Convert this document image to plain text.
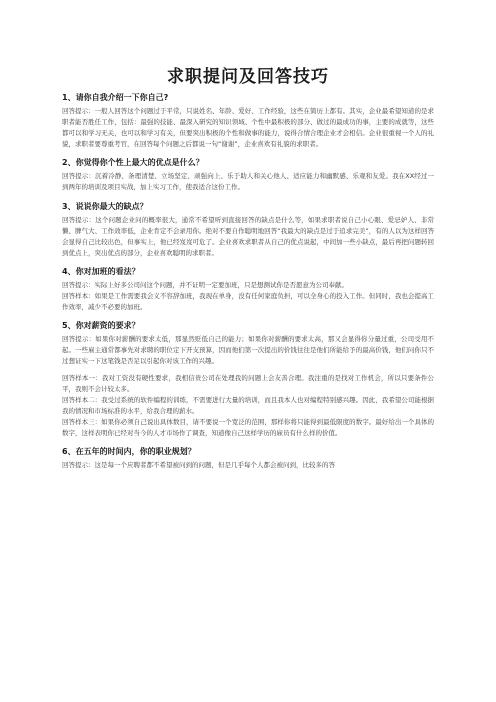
求职提问及回答技巧
1、请你自我介绍一下你自己?

回答提示：一般人回答这个问题过于平常，只说姓名、年龄、爱好、工作经验，这些在简历上都有。其实，企业最希望知道的是求职者能否胜任工作，包括：最强的技能、最深入研究的知识领域、个性中最积极的部分、做过的最成功的事，主要的成就等，这些都可以和学习无关，也可以和学习有关，但要突出积极的个性和做事的能力，说得合情合理企业才会相信。企业很重视一个人的礼貌，求职者要尊重考官，在回答每个问题之后都说一句“谢谢”，企业喜欢有礼貌的求职者。

2、你觉得你个性上最大的优点是什么？

回答提示：沉着冷静、条理清楚、立场坚定、顽强向上、乐于助人和关心他人、适应能力和幽默感、乐观和友爱。我在XX经过一到两年的培训及项目实战，加上实习工作，使我适合这份工作。

3、说说你最大的缺点？

回答提示：这个问题企业问的概率很大，通常不希望听到直接回答的缺点是什么等，如果求职者说自己小心眼、爱忌妒人、非常懒、脾气大、工作效率低，企业肯定不会录用你。绝对不要自作聪明地回答“我最大的缺点是过于追求完美”，有的人以为这样回答会显得自己比较出色，但事实上，他已经岌岌可危了。企业喜欢求职者从自己的优点说起，中间加一些小缺点，最后再把问题转回到优点上，突出优点的部分，企业喜欢聪明的求职者。

4、你对加班的看法？

回答提示：实际上好多公司问这个问题，并不证明一定要加班，只是想测试你是否愿意为公司奉献。

回答样本：如果是工作需要我会义不容辞加班，我现在单身，没有任何家庭负担，可以全身心的投入工作。但同时，我也会提高工作效率，减少不必要的加班。

5、你对薪资的要求？

回答提示：如果你对薪酬的要求太低，那显然贬低自己的能力；如果你对薪酬的要求太高，那又会显得你分量过重，公司受用不起。一些雇主通常都事先对求聘的职位定下开支预算，因而他们第一次提出的价钱往往是他们所能给予的最高价钱，他们问你只不过想证实一下这笔钱是否足以引起你对该工作的兴趣。

回答样本一：我对工资没有硬性要求，我相信贵公司在处理我的问题上会友善合理。我注重的是找对工作机会，所以只要条件公平，我则不会计较太多。

回答样本二：我受过系统的软件编程的训练，不需要进行大量的培训，而且我本人也对编程特别感兴趣。因此，我希望公司能根据我的情况和市场标准的水平，给我合理的薪水。

回答样本三：如果你必须自己说出具体数目，请不要说一个宽泛的范围，那样你将只能得到最低限度的数字。最好给出一个具体的数字，这样表明你已经对当今的人才市场作了调查，知道像自己这样学历的雇员有什么样的价值。

6、在五年的时间内，你的职业规划？

回答提示：这是每一个应聘者都不希望被问到的问题，但是几乎每个人都会被问到，比较多的答
